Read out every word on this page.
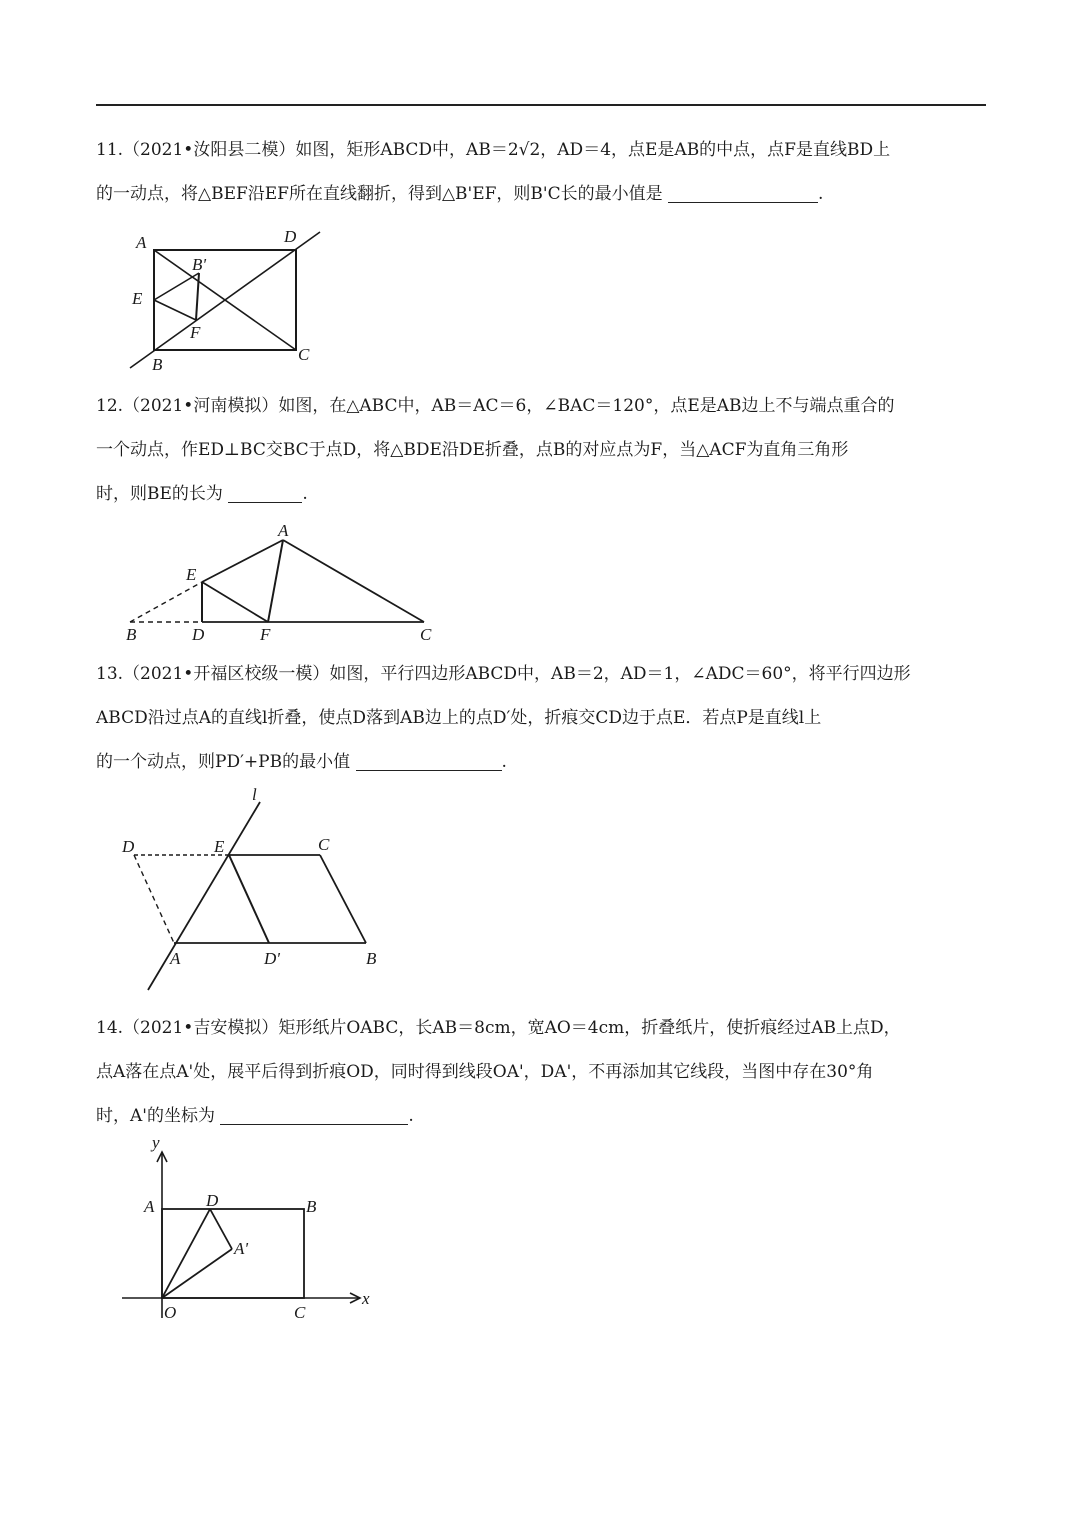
11.（2021•汝阳县二模）如图，矩形ABCD中，AB＝2√2，AD＝4，点E是AB的中点，点F是直线BD上
的一动点，将△BEF沿EF所在直线翻折，得到△B'EF，则B'C长的最小值是	.
A	D
B'
E
F
B
C
12.（2021•河南模拟）如图，在△ABC中，AB＝AC＝6，∠BAC＝120°，点E是AB边上不与端点重合的
一个动点，作ED⊥BC交BC于点D，将△BDE沿DE折叠，点B的对应点为F，当△ACF为直角三角形
时，则BE的长为	.
A
E
B	D	F	C
13.（2021•开福区校级一模）如图，平行四边形ABCD中，AB＝2，AD＝1，∠ADC＝60°，将平行四边形
ABCD沿过点A的直线l折叠，使点D落到AB边上的点D′处，折痕交CD边于点E．若点P是直线l上
的一个动点，则PD′+PB的最小值	.
l
D	E	C
A	D'	B
14.（2021•吉安模拟）矩形纸片OABC，长AB＝8cm，宽AO＝4cm，折叠纸片，使折痕经过AB上点D，
点A落在点A'处，展平后得到折痕OD，同时得到线段OA'，DA'，不再添加其它线段，当图中存在30°角
时，A'的坐标为	.
y
A	D	B
A'
O	C
x
